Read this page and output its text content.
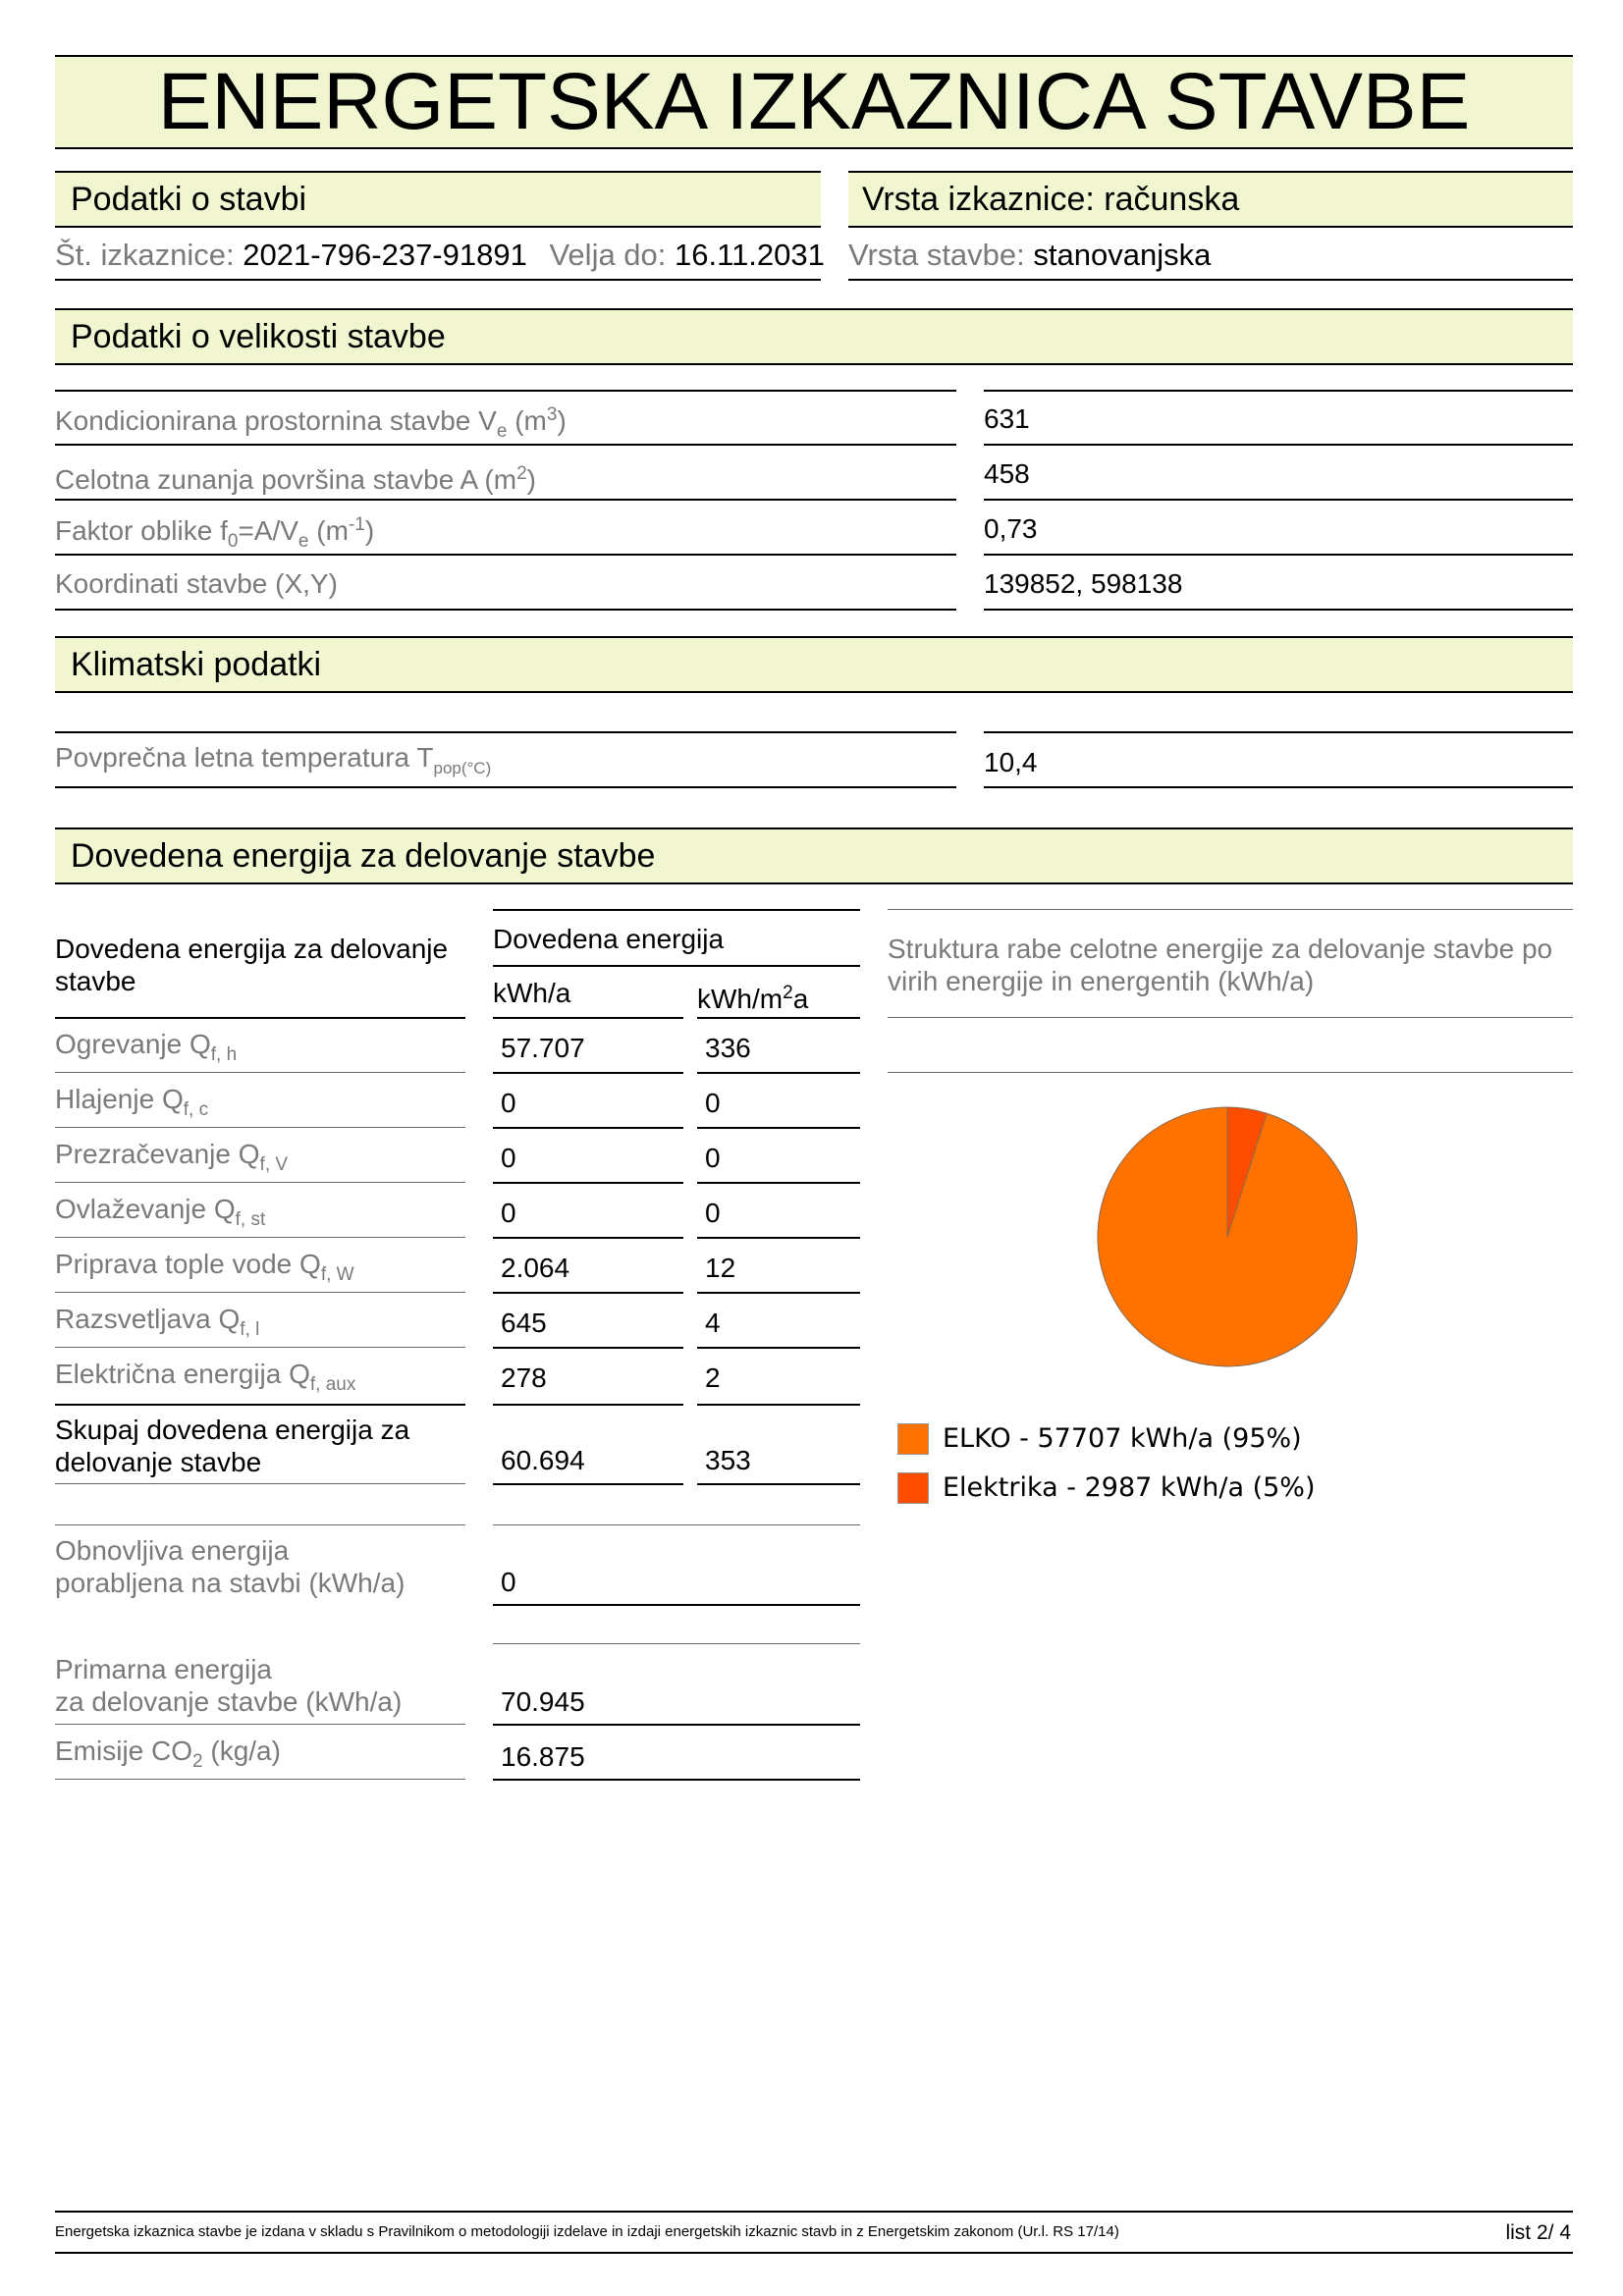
ENERGETSKA IZKAZNICA STAVBE
Podatki o stavbi
Št. izkaznice: 2021-796-237-91891 Velja do: 16.11.2031
Vrsta izkaznice: računska
Vrsta stavbe: stanovanjska
Podatki o velikosti stavbe
Kondicionirana prostornina stavbe $V_e$ $(m^3)$	631
Celotna zunanja površina stavbe A $(m^2)$	458
Faktor oblike $f_0=A/V_e$ $(m^{-1})$	0,73
Koordinati stavbe (X,Y)	139852, 598138
Klimatski podatki
Povprečna letna temperatura $T_{pop(^\circ C)}$	10,4
Dovedena energija za delovanje stavbe
Dovedena energija za delovanje stavbe
Dovedena energija
kWh/a	kWh/$m^2a$
Ogrevanje $Q_{f, h}$	57.707	336
Hlajenje $Q_{f, c}$	0	0
Prezračevanje $Q_{f, V}$	0	0
Ovlaževanje $Q_{f, st}$	0	0
Priprava tople vode $Q_{f, W}$	2.064	12
Razsvetljava $Q_{f, l}$	645	4
Električna energija $Q_{f, aux}$	278	2
Skupaj dovedena energija za delovanje stavbe	60.694	353
Obnovljiva energija
porabljena na stavbi (kWh/a)	0
Primarna energija
za delovanje stavbe (kWh/a)	70.945
Emisije $CO_2$ (kg/a)	16.875
Struktura rabe celotne energije za delovanje stavbe po virih energije in energentih (kWh/a)
ELKO - 57707 kWh/a (95%)
Elektrika - 2987 kWh/a (5%)
Energetska izkaznica stavbe je izdana v skladu s Pravilnikom o metodologiji izdelave in izdaji energetskih izkaznic stavb in z Energetskim zakonom (Ur.l. RS 17/14)	list 2/ 4
